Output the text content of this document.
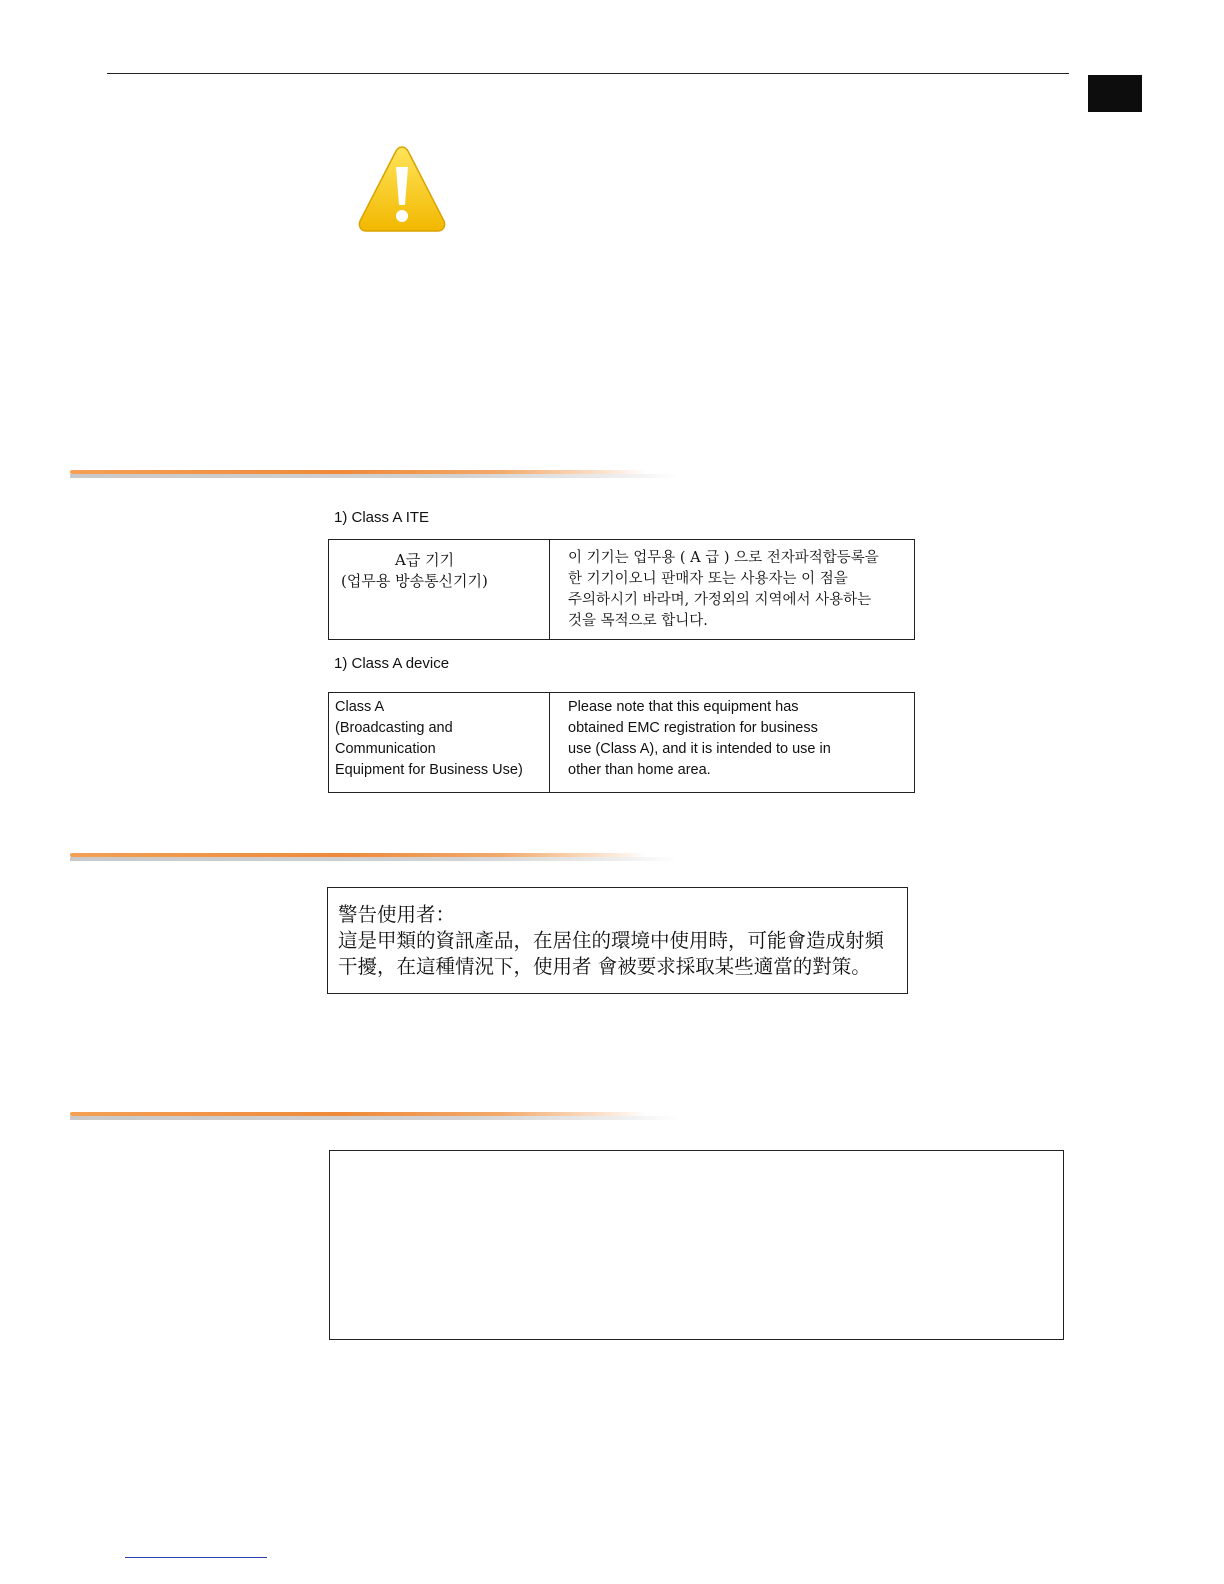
1) Class A ITE
A급 기기
(업무용 방송통신기기)

이 기기는 업무용 ( A 급 ) 으로 전자파적합등록을
한 기기이오니 판매자 또는 사용자는 이 점을
주의하시기 바라며, 가정외의 지역에서 사용하는
것을 목적으로 합니다.
1) Class A device
Class A
(Broadcasting and
Communication
Equipment for Business Use)

Please note that this equipment has
obtained EMC registration for business
use (Class A), and it is intended to use in
other than home area.
警告使用者：
這是甲類的資訊產品，在居住的環境中使用時，可能會造成射頻
干擾，在這種情況下，使用者 會被要求採取某些適當的對策。
